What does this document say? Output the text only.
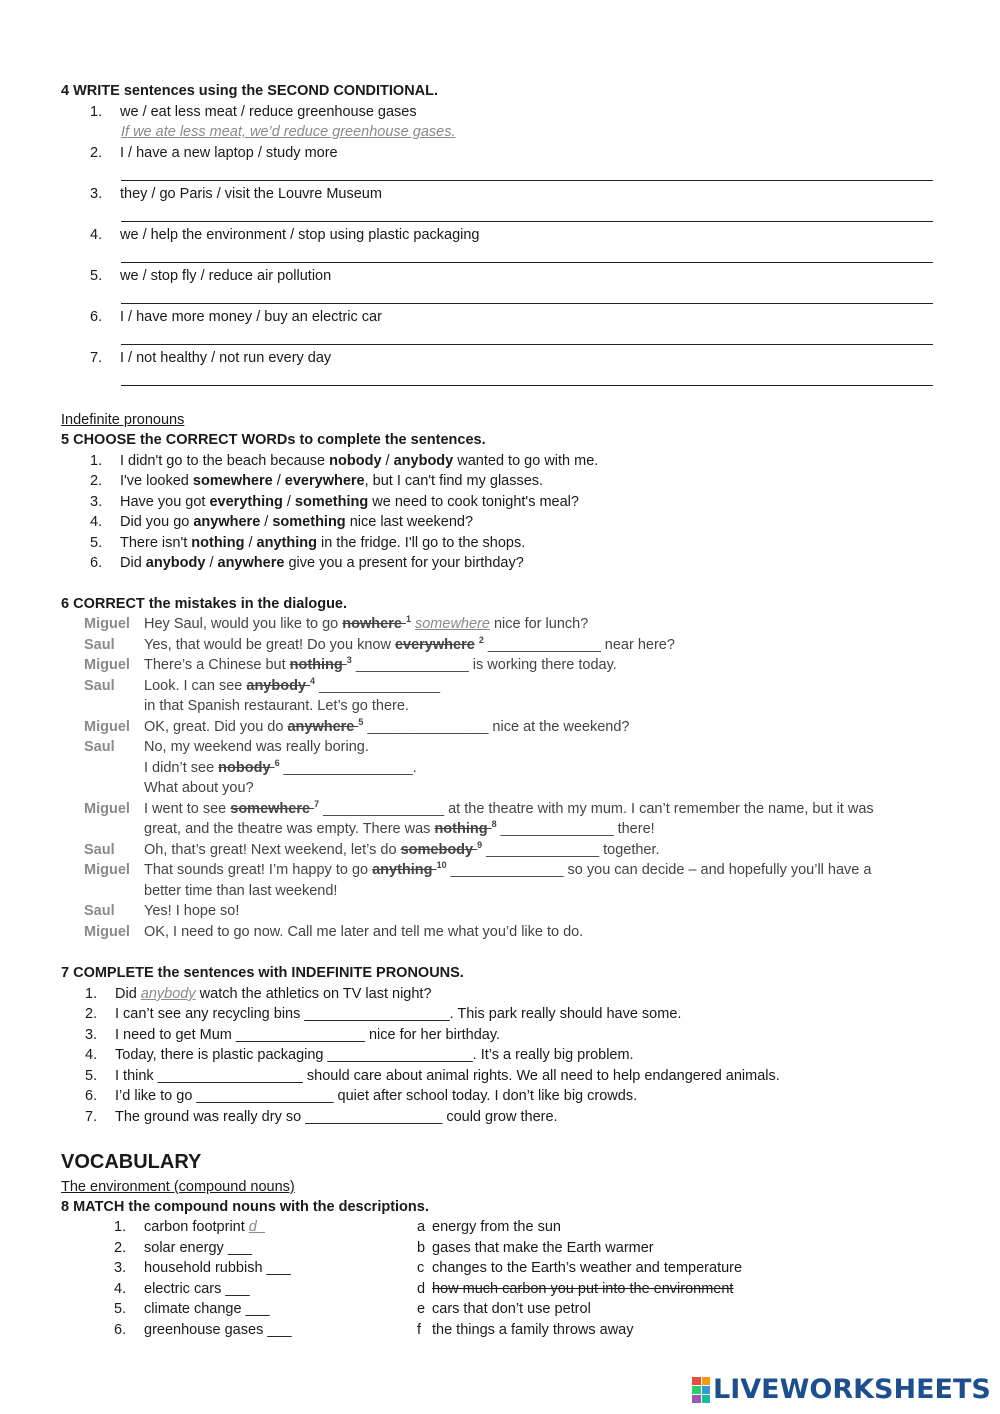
4 WRITE sentences using the SECOND CONDITIONAL.
1. we / eat less meat / reduce greenhouse gases
If we ate less meat, we’d reduce greenhouse gases.
2. I / have a new laptop / study more
3. they / go Paris / visit the Louvre Museum
4. we / help the environment / stop using plastic packaging
5. we / stop fly / reduce air pollution
6. I / have more money / buy an electric car
7. I / not healthy / not run every day
Indefinite pronouns
5 CHOOSE the CORRECT WORDs to complete the sentences.
1. I didn't go to the beach because nobody / anybody wanted to go with me.
2. I've looked somewhere / everywhere, but I can't find my glasses.
3. Have you got everything / something we need to cook tonight's meal?
4. Did you go anywhere / something nice last weekend?
5. There isn't nothing / anything in the fridge. I'll go to the shops.
6. Did anybody / anywhere give you a present for your birthday?
6 CORRECT the mistakes in the dialogue.
Miguel Hey Saul, would you like to go nowhere $^1$ somewhere nice for lunch?
Saul Yes, that would be great! Do you know everywhere $^2$ ______________ near here?
Miguel There’s a Chinese but nothing $^3$ ______________ is working there today.
Saul Look. I can see anybody $^4$ _______________
in that Spanish restaurant. Let’s go there.
Miguel OK, great. Did you do anywhere $^5$ _______________ nice at the weekend?
Saul No, my weekend was really boring.
I didn’t see nobody $^6$ ________________.
What about you?
Miguel I went to see somewhere $^7$ _______________ at the theatre with my mum. I can’t remember the name, but it was
great, and the theatre was empty. There was nothing $^8$ ______________ there!
Saul Oh, that’s great! Next weekend, let’s do somebody $^9$ ______________ together.
Miguel That sounds great! I’m happy to go anything $^{10}$ ______________ so you can decide – and hopefully you’ll have a
better time than last weekend!
Saul Yes! I hope so!
Miguel OK, I need to go now. Call me later and tell me what you’d like to do.
7 COMPLETE the sentences with INDEFINITE PRONOUNS.
1. Did anybody watch the athletics on TV last night?
2. I can’t see any recycling bins __________________. This park really should have some.
3. I need to get Mum ________________ nice for her birthday.
4. Today, there is plastic packaging __________________. It’s a really big problem.
5. I think __________________ should care about animal rights. We all need to help endangered animals.
6. I’d like to go _________________ quiet after school today. I don’t like big crowds.
7. The ground was really dry so _________________ could grow there.
VOCABULARY
The environment (compound nouns)
8 MATCH the compound nouns with the descriptions.
1. carbon footprint d_
2. solar energy ___
3. household rubbish ___
4. electric cars ___
5. climate change ___
6. greenhouse gases ___
a energy from the sun
b gases that make the Earth warmer
c changes to the Earth’s weather and temperature
d how much carbon you put into the environment
e cars that don’t use petrol
f the things a family throws away
LIVEWORKSHEETS
